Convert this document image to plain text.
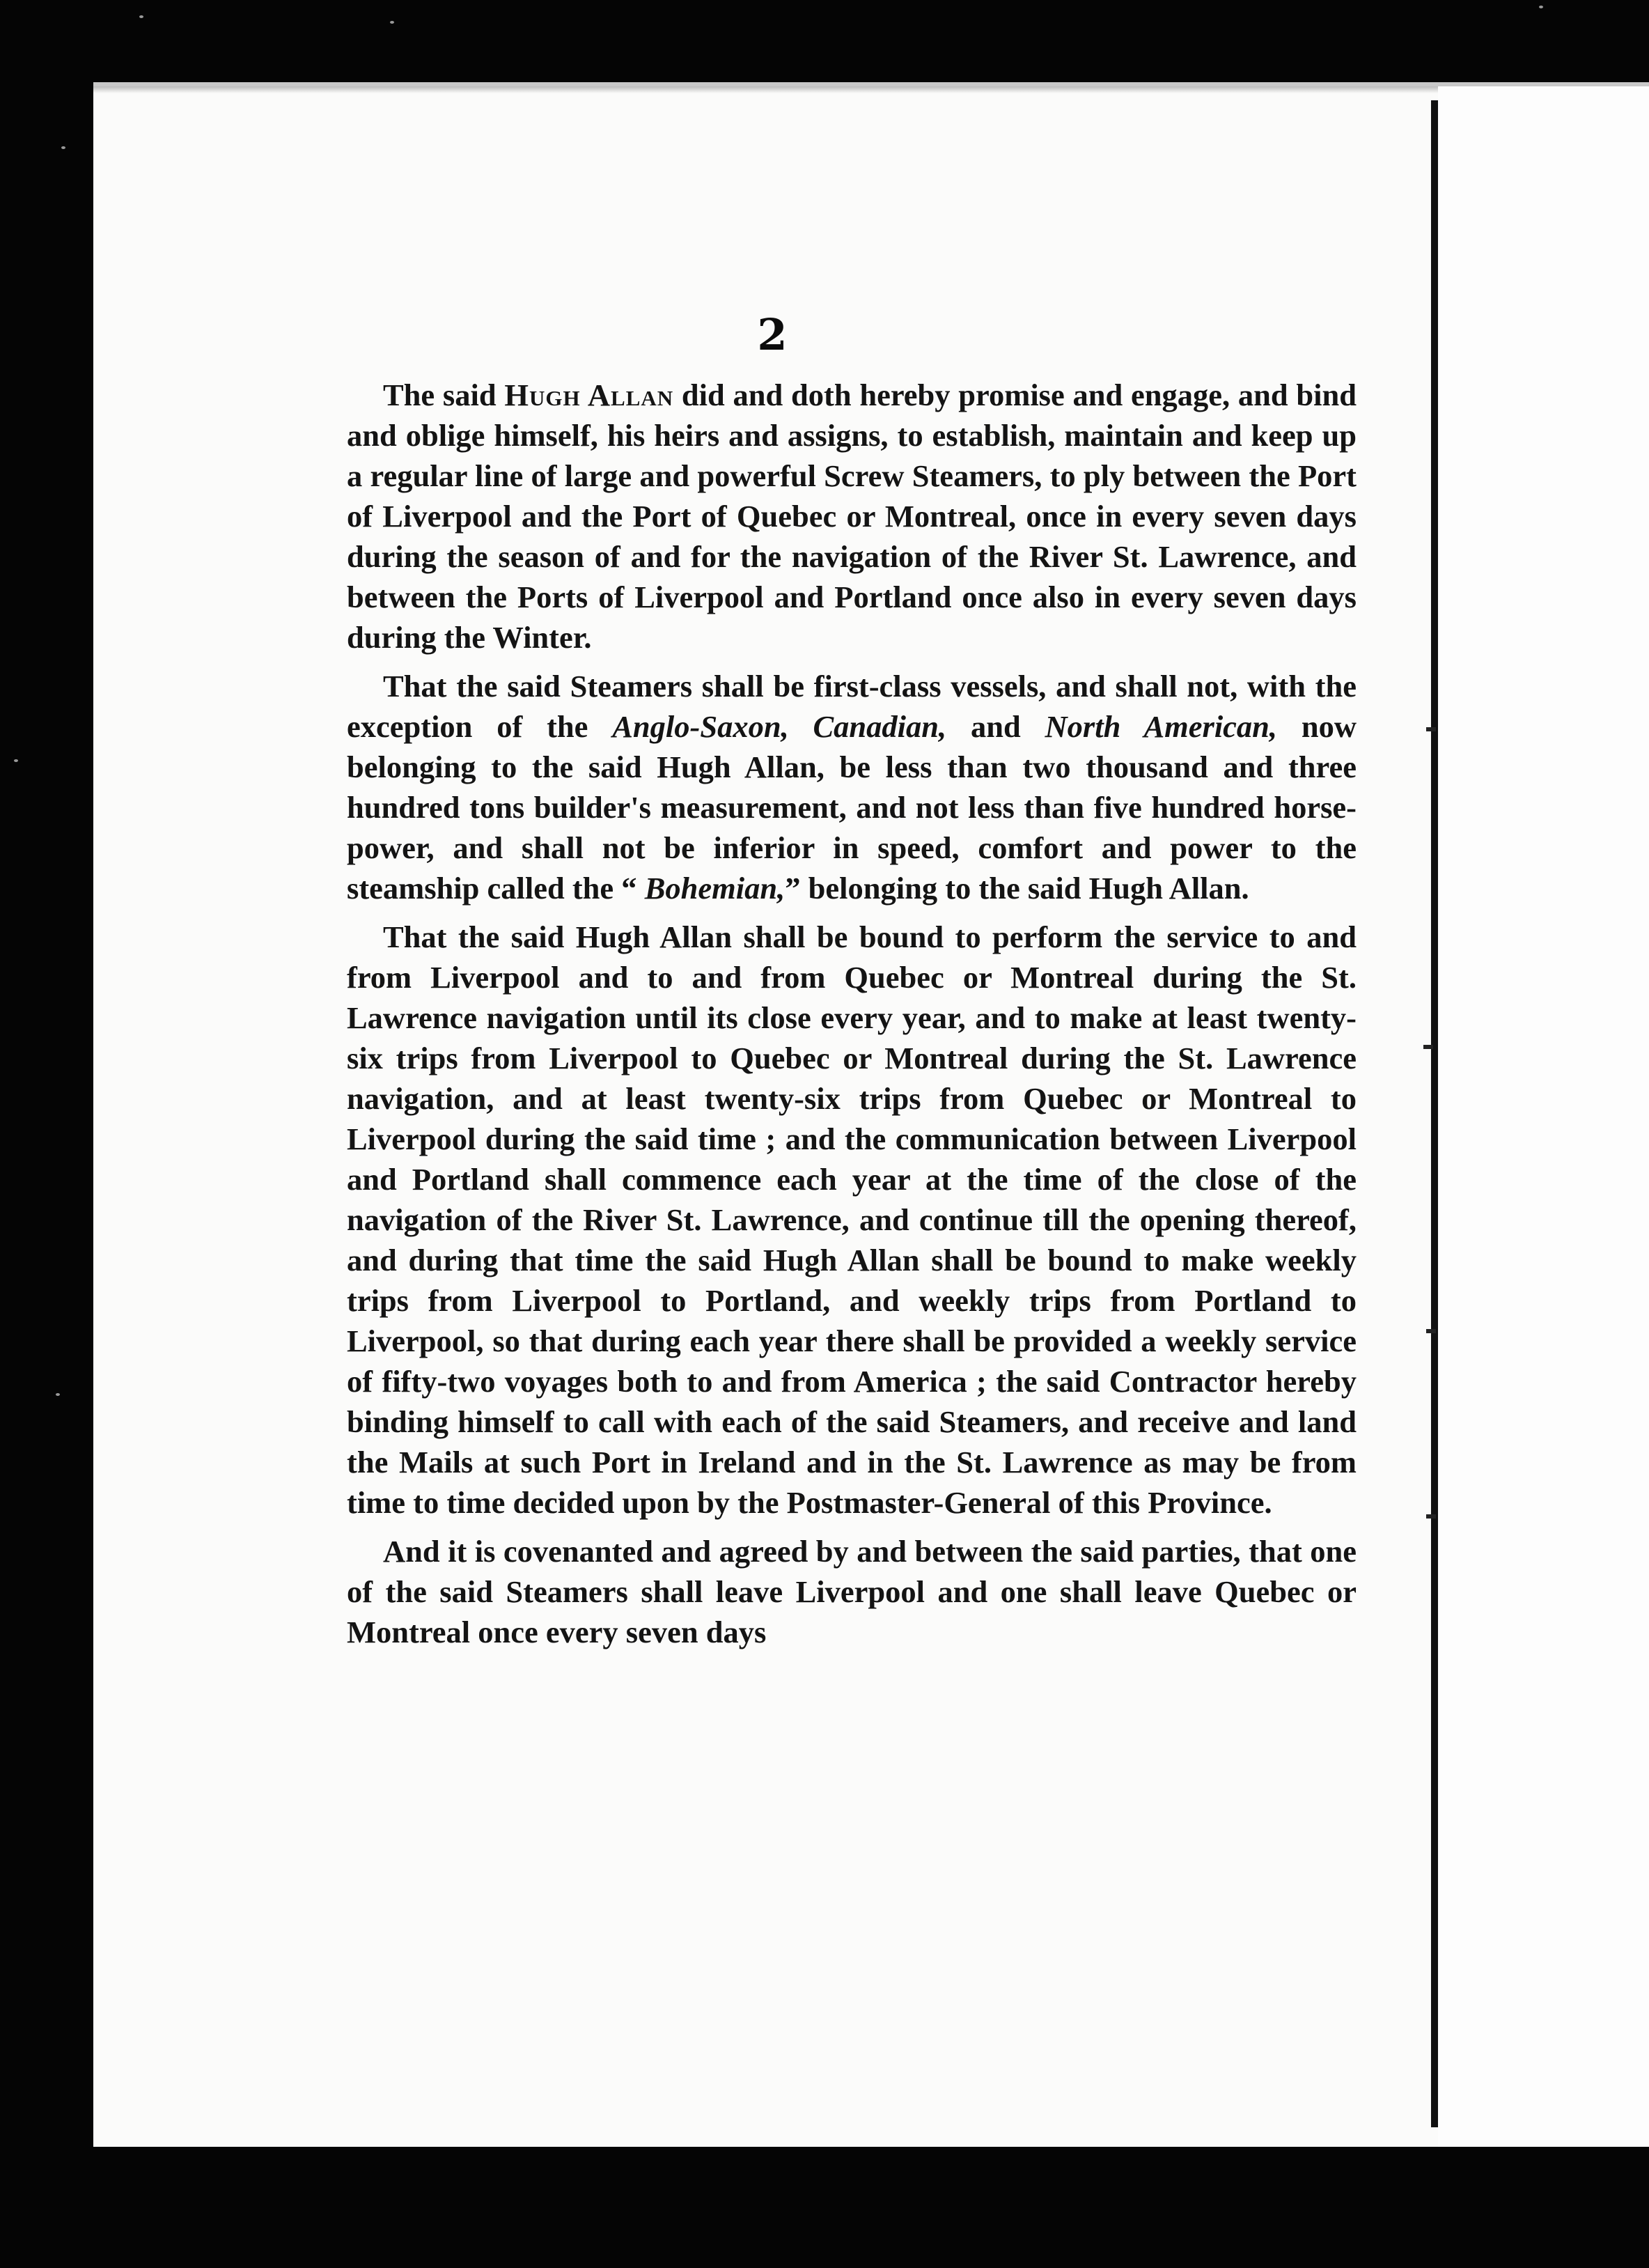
2

The said Hugh Allan did and doth hereby promise and engage, and bind and oblige himself, his heirs and assigns, to establish, maintain and keep up a regular line of large and powerful Screw Steamers, to ply between the Port of Liverpool and the Port of Quebec or Montreal, once in every seven days during the season of and for the navigation of the River St. Lawrence, and between the Ports of Liverpool and Portland once also in every seven days during the Winter.

That the said Steamers shall be first-class vessels, and shall not, with the exception of the Anglo-Saxon, Canadian, and North American, now belonging to the said Hugh Allan, be less than two thousand and three hundred tons builder's measurement, and not less than five hundred horse-power, and shall not be inferior in speed, comfort and power to the steamship called the “ Bohemian,” belonging to the said Hugh Allan.

That the said Hugh Allan shall be bound to perform the service to and from Liverpool and to and from Quebec or Montreal during the St. Lawrence navigation until its close every year, and to make at least twenty-six trips from Liverpool to Quebec or Montreal during the St. Lawrence navigation, and at least twenty-six trips from Quebec or Montreal to Liverpool during the said time ; and the communication between Liverpool and Portland shall commence each year at the time of the close of the navigation of the River St. Lawrence, and continue till the opening thereof, and during that time the said Hugh Allan shall be bound to make weekly trips from Liverpool to Portland, and weekly trips from Portland to Liverpool, so that during each year there shall be provided a weekly service of fifty-two voyages both to and from America ; the said Contractor hereby binding himself to call with each of the said Steamers, and receive and land the Mails at such Port in Ireland and in the St. Lawrence as may be from time to time decided upon by the Postmaster-General of this Province.

And it is covenanted and agreed by and between the said parties, that one of the said Steamers shall leave Liverpool and one shall leave Quebec or Montreal once every seven days
